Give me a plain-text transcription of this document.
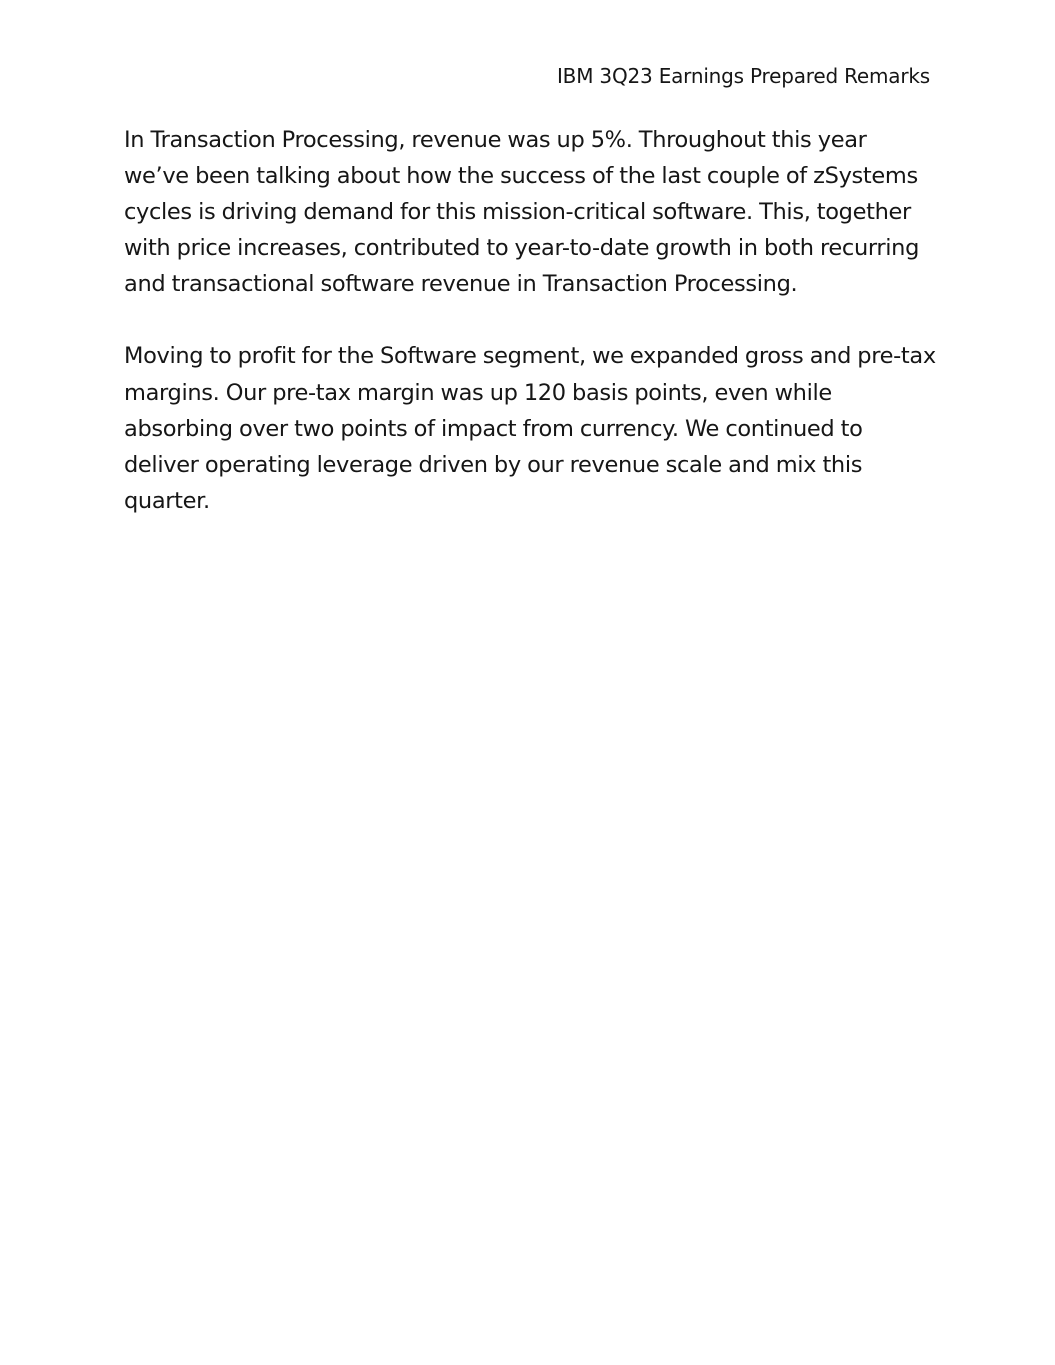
IBM 3Q23 Earnings Prepared Remarks

In Transaction Processing, revenue was up 5%. Throughout this year
we’ve been talking about how the success of the last couple of zSystems
cycles is driving demand for this mission-critical software. This, together
with price increases, contributed to year-to-date growth in both recurring
and transactional software revenue in Transaction Processing.

Moving to profit for the Software segment, we expanded gross and pre-tax
margins. Our pre-tax margin was up 120 basis points, even while
absorbing over two points of impact from currency. We continued to
deliver operating leverage driven by our revenue scale and mix this
quarter.
